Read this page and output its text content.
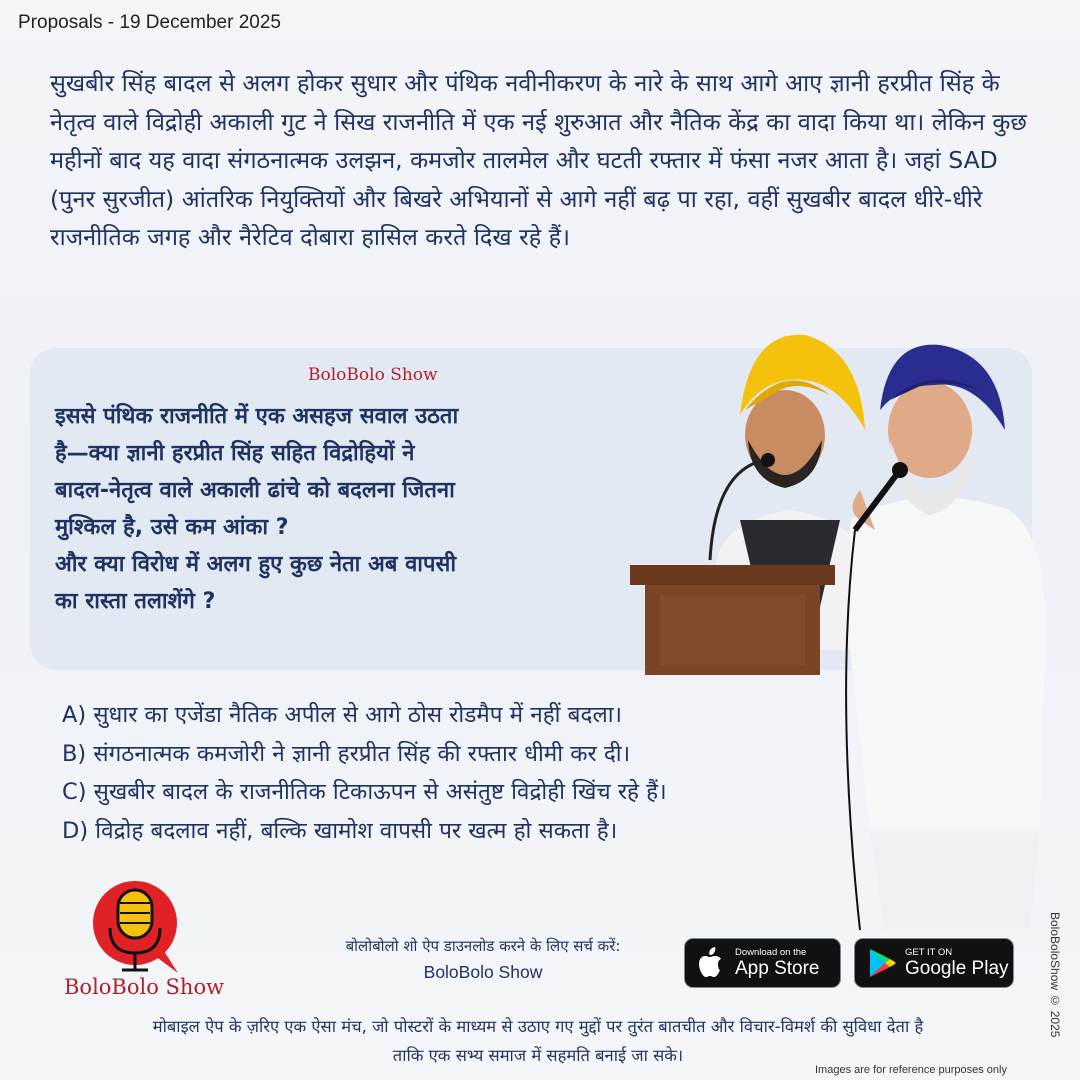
Proposals - 19 December 2025
सुखबीर सिंह बादल से अलग होकर सुधार और पंथिक नवीनीकरण के नारे के साथ आगे आए ज्ञानी हरप्रीत सिंह के नेतृत्व वाले विद्रोही अकाली गुट ने सिख राजनीति में एक नई शुरुआत और नैतिक केंद्र का वादा किया था। लेकिन कुछ महीनों बाद यह वादा संगठनात्मक उलझन, कमजोर तालमेल और घटती रफ्तार में फंसा नजर आता है। जहां SAD (पुनर सुरजीत) आंतरिक नियुक्तियों और बिखरे अभियानों से आगे नहीं बढ़ पा रहा, वहीं सुखबीर बादल धीरे-धीरे राजनीतिक जगह और नैरेटिव दोबारा हासिल करते दिख रहे हैं।
BoloBolo Show
इससे पंथिक राजनीति में एक असहज सवाल उठता
है—क्या ज्ञानी हरप्रीत सिंह सहित विद्रोहियों ने
बादल-नेतृत्व वाले अकाली ढांचे को बदलना जितना
मुश्किल है, उसे कम आंका ?
और क्या विरोध में अलग हुए कुछ नेता अब वापसी
का रास्ता तलाशेंगे ?
A) सुधार का एजेंडा नैतिक अपील से आगे ठोस रोडमैप में नहीं बदला।
B) संगठनात्मक कमजोरी ने ज्ञानी हरप्रीत सिंह की रफ्तार धीमी कर दी।
C) सुखबीर बादल के राजनीतिक टिकाऊपन से असंतुष्ट विद्रोही खिंच रहे हैं।
D) विद्रोह बदलाव नहीं, बल्कि खामोश वापसी पर खत्म हो सकता है।
BoloBolo Show
बोलोबोलो शो ऐप डाउनलोड करने के लिए सर्च करें:
BoloBolo Show
Download on the
App Store
GET IT ON
Google Play
मोबाइल ऐप के ज़रिए एक ऐसा मंच, जो पोस्टरों के माध्यम से उठाए गए मुद्दों पर तुरंत बातचीत और विचार-विमर्श की सुविधा देता है
ताकि एक सभ्य समाज में सहमति बनाई जा सके।
BoloBoloShow © 2025
Images are for reference purposes only
